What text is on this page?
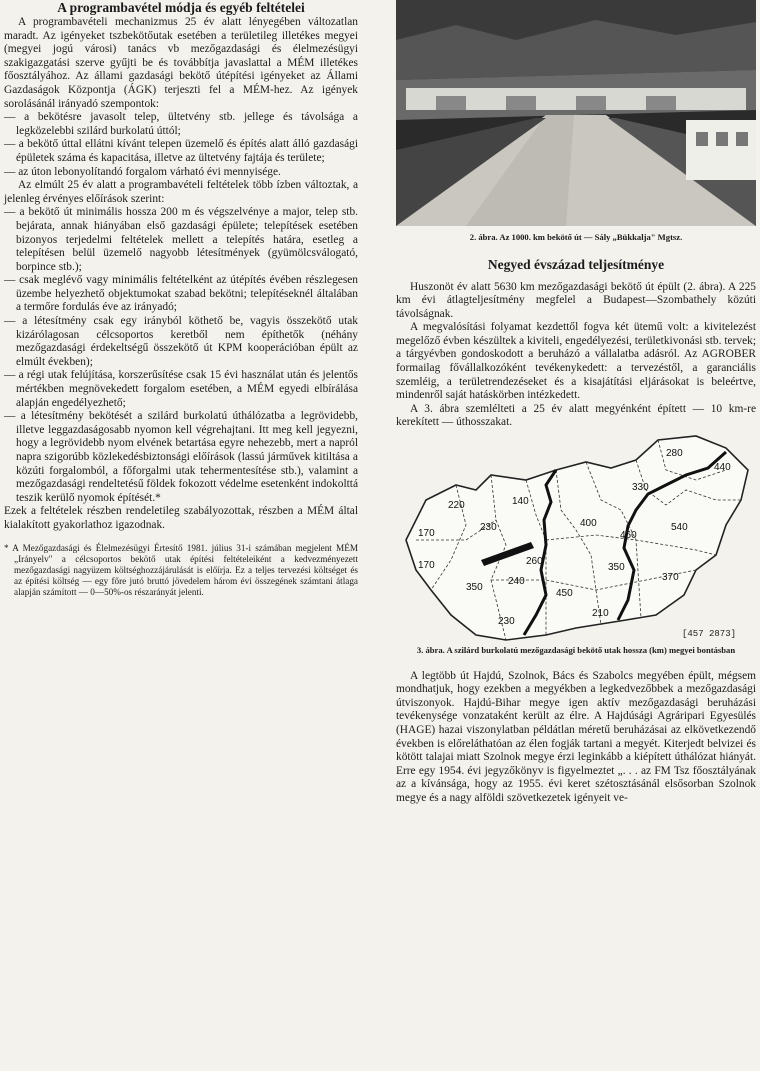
A programbavétel módja és egyéb feltételei

A programbavételi mechanizmus 25 év alatt lényegében változatlan maradt. Az igényeket tszbekötőutak esetében a területileg illetékes megyei (megyei jogú városi) tanács vb mezőgazdasági és élelmezésügyi szakigazgatási szerve gyűjti be és továbbítja javaslattal a MÉM illetékes főosztályához. Az állami gazdasági bekötő útépítési igényeket az Állami Gazdaságok Központja (ÁGK) terjeszti fel a MÉM-hez. Az igények sorolásánál irányadó szempontok:

— a bekötésre javasolt telep, ültetvény stb. jellege és távolsága a legközelebbi szilárd burkolatú úttól;

— a bekötő úttal ellátni kívánt telepen üzemelő és építés alatt álló gazdasági épületek száma és kapacitása, illetve az ültetvény fajtája és területe;

— az úton lebonyolítandó forgalom várható évi mennyisége.

Az elmúlt 25 év alatt a programbavételi feltételek több ízben változtak, a jelenleg érvényes előírások szerint:

— a bekötő út minimális hossza 200 m és végszelvénye a major, telep stb. bejárata, annak hiányában első gazdasági épülete; telepítések esetében bizonyos terjedelmi feltételek mellett a telepítés határa, esetleg a telepítésen belül üzemelő nagyobb létesítmények (gyümölcsválogató, borpince stb.);

— csak meglévő vagy minimális feltételként az útépítés évében részlegesen üzembe helyezhető objektumokat szabad bekötni; telepítéseknél általában a termőre fordulás éve az irányadó;

— a létesítmény csak egy irányból köthető be, vagyis összekötő utak kizárólagosan célcsoportos keretből nem építhetők (néhány mezőgazdasági érdekeltségű összekötő út KPM kooperációban épült az elmúlt években);

— a régi utak felújítása, korszerűsítése csak 15 évi használat után és jelentős mértékben megnövekedett forgalom esetében, a MÉM egyedi elbírálása alapján engedélyezhető;

— a létesítmény bekötését a szilárd burkolatú úthálózatba a legrövidebb, illetve leggazdaságosabb nyomon kell végrehajtani. Itt meg kell jegyezni, hogy a legrövidebb nyom elvének betartása egyre nehezebb, mert a napról napra szigorúbb közlekedésbiztonsági előírások (lassú járművek kitiltása a közúti forgalomból, a főforgalmi utak tehermentesítése stb.), valamint a mezőgazdasági rendeltetésű földek fokozott védelme esetenként indokolttá teszik kerülő nyomok építését.*

Ezek a feltételek részben rendeletileg szabályozottak, részben a MÉM által kialakított gyakorlathoz igazodnak.

* A Mezőgazdasági és Élelmezésügyi Értesítő 1981. július 31-i számában megjelent MÉM „Irányelv" a célcsoportos bekötő utak építési feltételeiként a kedvezményezett mezőgazdasági nagyüzem költséghozzájárulását is előírja. Ez a teljes tervezési költséget és az építési költség — egy főre jutó bruttó jövedelem három évi összegének számtani átlaga alapján számított — 0—50%-os részarányát jelenti.

2. ábra. Az 1000. km bekötő út — Sály „Bükkalja" Mgtsz.

Negyed évszázad teljesítménye

Huszonöt év alatt 5630 km mezőgazdasági bekötő út épült (2. ábra). A 225 km évi átlagteljesítmény megfelel a Budapest—Szombathely közúti távolságnak.

A megvalósítási folyamat kezdettől fogva két ütemű volt: a kivitelezést megelőző évben készültek a kiviteli, engedélyezési, területkivonási stb. tervek; a tárgyévben gondoskodott a beruházó a vállalatba adásról. Az AGROBER formailag fővállalkozóként tevékenykedett: a tervezéstől, a garanciális szemléig, a területrendezéseket és a kisajátítási eljárásokat is beleértve, mindenről saját hatáskörben intézkedett.

A 3. ábra szemlélteti a 25 év alatt megyénként épített — 10 km-re kerekített — úthosszakat.

220	140
170
230
260
400
460
540
280
440
170
350
240
450
350
370
330
230
210
[457 2873]

3. ábra. A szilárd burkolatú mezőgazdasági bekötő utak hossza (km) megyei bontásban

A legtöbb út Hajdú, Szolnok, Bács és Szabolcs megyében épült, mégsem mondhatjuk, hogy ezekben a megyékben a legkedvezőbbek a mezőgazdasági útviszonyok. Hajdú-Bihar megye igen aktív mezőgazdasági beruházási tevékenysége vonzataként került az élre. A Hajdúsági Agráripari Egyesülés (HAGE) hazai viszonylatban példátlan méretű beruházásai az elkövetkezendő években is előreláthatóan az élen fogják tartani a megyét. Kiterjedt belvizei és kötött talajai miatt Szolnok megye érzi leginkább a kiépített úthálózat hiányát. Erre egy 1954. évi jegyzőkönyv is figyelmeztet „. . . az FM Tsz főosztályának az a kívánsága, hogy az 1955. évi keret szétosztásánál elsősorban Szolnok megye és a nagy alföldi szövetkezetek igényeit ve-
